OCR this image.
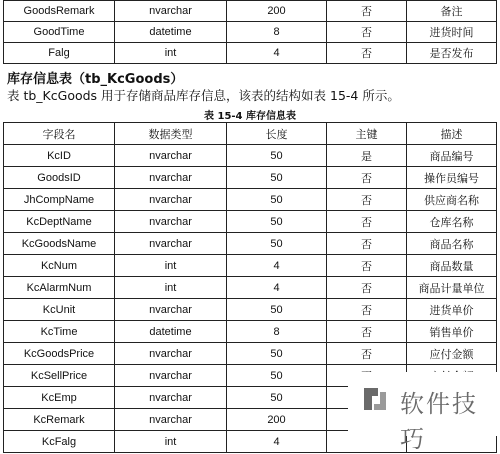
GoodsRemark	nvarchar	200	否	备注
GoodTime	datetime	8	否	进货时间
Falg	int	4	否	是否发布
库存信息表（tb_KcGoods）
表 tb_KcGoods 用于存储商品库存信息，该表的结构如表 15-4 所示。
表 15-4 库存信息表
字段名	数据类型	长度	主键	描述
KcID	nvarchar	50	是	商品编号
GoodsID	nvarchar	50	否	操作员编号
JhCompName	nvarchar	50	否	供应商名称
KcDeptName	nvarchar	50	否	仓库名称
KcGoodsName	nvarchar	50	否	商品名称
KcNum	int	4	否	商品数量
KcAlarmNum	int	4	否	商品计量单位
KcUnit	nvarchar	50	否	进货单价
KcTime	datetime	8	否	销售单价
KcGoodsPrice	nvarchar	50	否	应付金额
KcSellPrice	nvarchar	50		
KcEmp	nvarchar	50		
KcRemark	nvarchar	200		
KcFalg	int	4		
软件技巧
